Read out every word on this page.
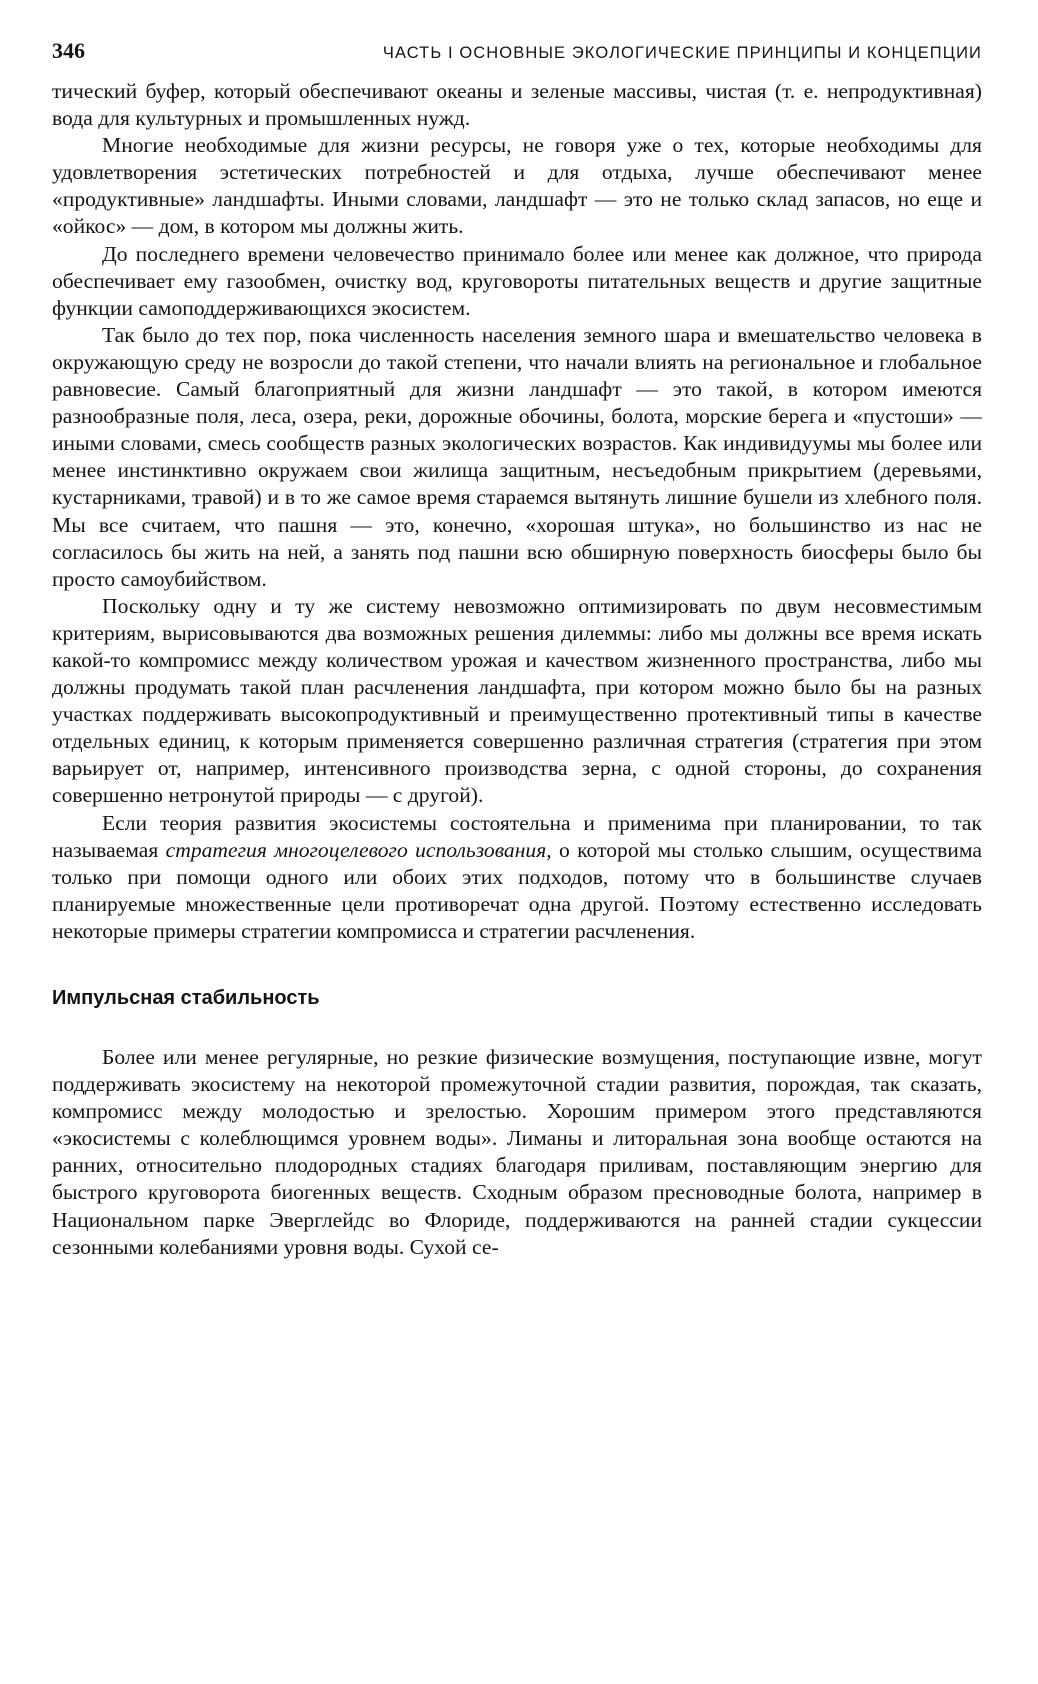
346	ЧАСТЬ I ОСНОВНЫЕ ЭКОЛОГИЧЕСКИЕ ПРИНЦИПЫ И КОНЦЕПЦИИ

тический буфер, который обеспечивают океаны и зеленые массивы, чистая (т. е. непродуктивная) вода для культурных и промышленных нужд.

Многие необходимые для жизни ресурсы, не говоря уже о тех, которые необходимы для удовлетворения эстетических потребностей и для отдыха, лучше обеспечивают менее «продуктивные» ландшафты. Иными словами, ландшафт — это не только склад запасов, но еще и «ойкос» — дом, в котором мы должны жить.

До последнего времени человечество принимало более или менее как должное, что природа обеспечивает ему газообмен, очистку вод, круговороты питательных веществ и другие защитные функции самоподдерживающихся экосистем.

Так было до тех пор, пока численность населения земного шара и вмешательство человека в окружающую среду не возросли до такой степени, что начали влиять на региональное и глобальное равновесие. Самый благоприятный для жизни ландшафт — это такой, в котором имеются разнообразные поля, леса, озера, реки, дорожные обочины, болота, морские берега и «пустоши» — иными словами, смесь сообществ разных экологических возрастов. Как индивидуумы мы более или менее инстинктивно окружаем свои жилища защитным, несъедобным прикрытием (деревьями, кустарниками, травой) и в то же самое время стараемся вытянуть лишние бушели из хлебного поля. Мы все считаем, что пашня — это, конечно, «хорошая штука», но большинство из нас не согласилось бы жить на ней, а занять под пашни всю обширную поверхность биосферы было бы просто самоубийством.

Поскольку одну и ту же систему невозможно оптимизировать по двум несовместимым критериям, вырисовываются два возможных решения дилеммы: либо мы должны все время искать какой-то компромисс между количеством урожая и качеством жизненного пространства, либо мы должны продумать такой план расчленения ландшафта, при котором можно было бы на разных участках поддерживать высокопродуктивный и преимущественно протективный типы в качестве отдельных единиц, к которым применяется совершенно различная стратегия (стратегия при этом варьирует от, например, интенсивного производства зерна, с одной стороны, до сохранения совершенно нетронутой природы — с другой).

Если теория развития экосистемы состоятельна и применима при планировании, то так называемая стратегия многоцелевого использования, о которой мы столько слышим, осуществима только при помощи одного или обоих этих подходов, потому что в большинстве случаев планируемые множественные цели противоречат одна другой. Поэтому естественно исследовать некоторые примеры стратегии компромисса и стратегии расчленения.

Импульсная стабильность

Более или менее регулярные, но резкие физические возмущения, поступающие извне, могут поддерживать экосистему на некоторой промежуточной стадии развития, порождая, так сказать, компромисс между молодостью и зрелостью. Хорошим примером этого представляются «экосистемы с колеблющимся уровнем воды». Лиманы и литоральная зона вообще остаются на ранних, относительно плодородных стадиях благодаря приливам, поставляющим энергию для быстрого круговорота биогенных веществ. Сходным образом пресноводные болота, например в Национальном парке Эверглейдс во Флориде, поддерживаются на ранней стадии сукцессии сезонными колебаниями уровня воды. Сухой се-
